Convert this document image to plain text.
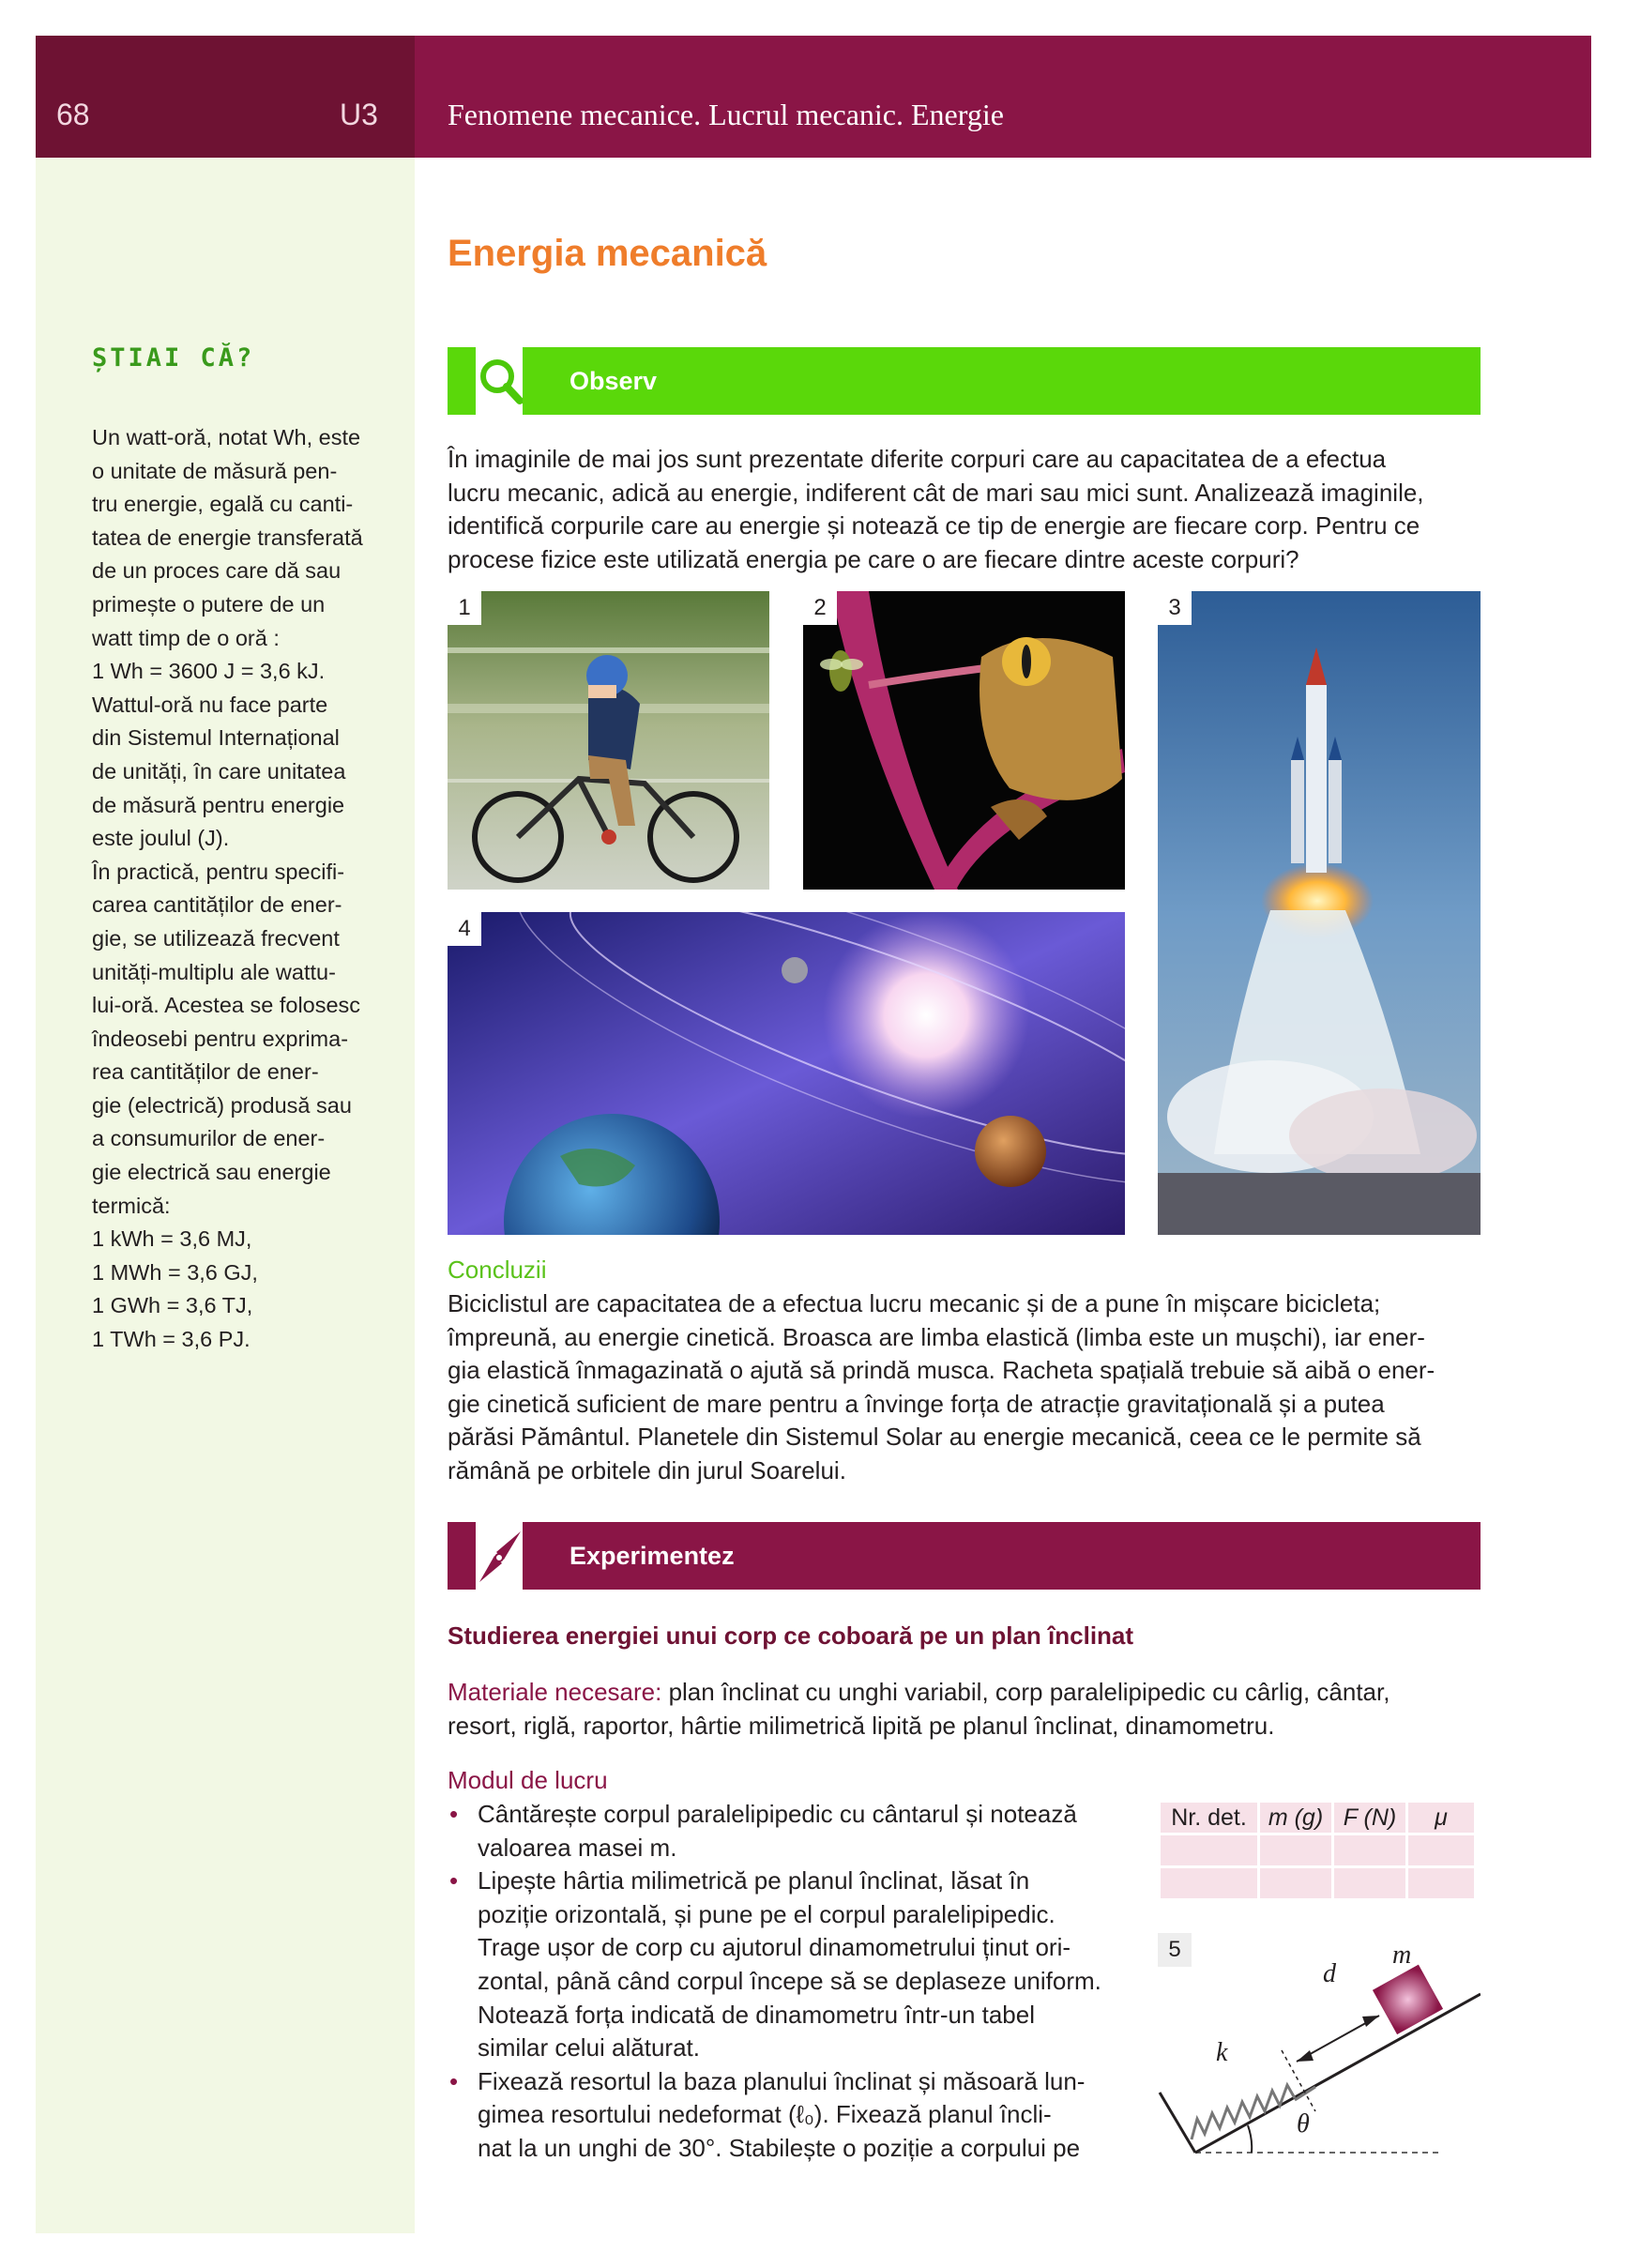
68	U3 Fenomene mecanice. Lucrul mecanic. Energie
ȘTIAI CĂ?
Un watt-oră, notat Wh, este
o unitate de măsură pen-
tru energie, egală cu canti-
tatea de energie transferată
de un proces care dă sau
primește o putere de un
watt timp de o oră :
1 Wh = 3600 J = 3,6 kJ.
Wattul-oră nu face parte
din Sistemul Internațional
de unități, în care unitatea
de măsură pentru energie
este joulul (J).
În practică, pentru specifi-
carea cantităților de ener-
gie, se utilizează frecvent
unități-multiplu ale wattu-
lui-oră. Acestea se folosesc
îndeosebi pentru exprima-
rea cantităților de ener-
gie (electrică) produsă sau
a consumurilor de ener-
gie electrică sau energie
termică:
1 kWh = 3,6 MJ,
1 MWh = 3,6 GJ,
1 GWh = 3,6 TJ,
1 TWh = 3,6 PJ.
Energia mecanică
Observ
În imaginile de mai jos sunt prezentate diferite corpuri care au capacitatea de a efectua
lucru mecanic, adică au energie, indiferent cât de mari sau mici sunt. Analizează imaginile,
identifică corpurile care au energie și notează ce tip de energie are fiecare corp. Pentru ce
procese fizice este utilizată energia pe care o are fiecare dintre aceste corpuri?
1	2	3
4
Concluzii
Biciclistul are capacitatea de a efectua lucru mecanic și de a pune în mișcare bicicleta;
împreună, au energie cinetică. Broasca are limba elastică (limba este un mușchi), iar ener-
gia elastică înmagazinată o ajută să prindă musca. Racheta spațială trebuie să aibă o ener-
gie cinetică suficient de mare pentru a învinge forța de atracție gravitațională și a putea
părăsi Pământul. Planetele din Sistemul Solar au energie mecanică, ceea ce le permite să
rămână pe orbitele din jurul Soarelui.
Experimentez
Studierea energiei unui corp ce coboară pe un plan înclinat
Materiale necesare: plan înclinat cu unghi variabil, corp paralelipipedic cu cârlig, cântar,
resort, riglă, raportor, hârtie milimetrică lipită pe planul înclinat, dinamometru.
Modul de lucru
• Cântărește corpul paralelipipedic cu cântarul și notează
valoarea masei m.
• Lipește hârtia milimetrică pe planul înclinat, lăsat în
poziție orizontală, și pune pe el corpul paralelipipedic.
Trage ușor de corp cu ajutorul dinamometrului ținut ori-
zontal, până când corpul începe să se deplaseze uniform.
Notează forța indicată de dinamometru într-un tabel
similar celui alăturat.
• Fixează resortul la baza planului înclinat și măsoară lun-
gimea resortului nedeformat (ℓ₀). Fixează planul încli-
nat la un unghi de 30°. Stabilește o poziție a corpului pe
Nr. det.	m (g)	F (N)	μ

5	m
d
k
θ
